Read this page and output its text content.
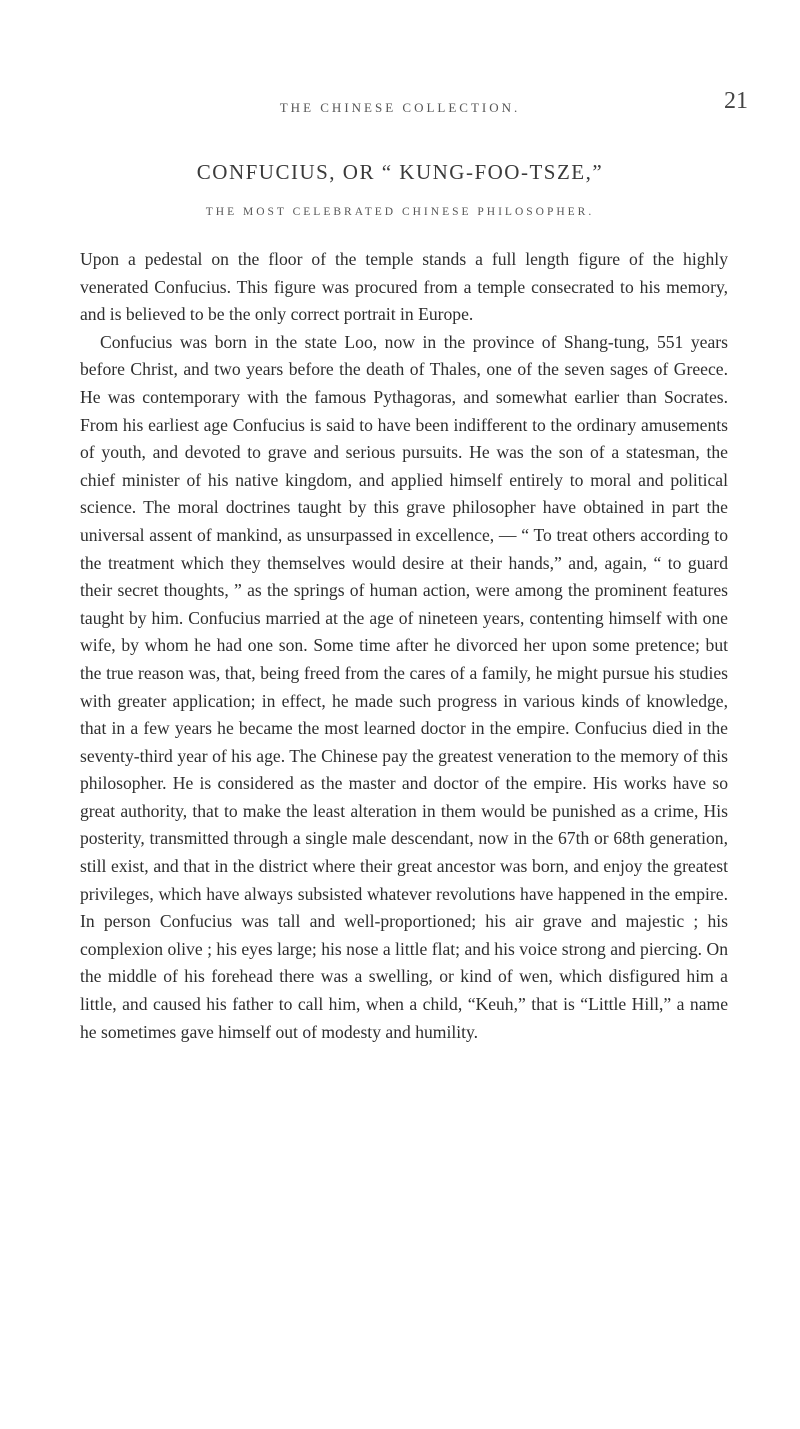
THE CHINESE COLLECTION.	21
CONFUCIUS, OR “ KUNG-FOO-TSZE,”
THE MOST CELEBRATED CHINESE PHILOSOPHER.

Upon a pedestal on the floor of the temple stands a full length figure of the highly venerated Confucius. This figure was procured from a temple consecrated to his memory, and is believed to be the only correct portrait in Europe.

Confucius was born in the state Loo, now in the province of Shang-tung, 551 years before Christ, and two years before the death of Thales, one of the seven sages of Greece. He was contemporary with the famous Pythagoras, and somewhat earlier than Socrates. From his earliest age Confucius is said to have been indifferent to the ordinary amusements of youth, and devoted to grave and serious pursuits. He was the son of a statesman, the chief minister of his native kingdom, and applied himself entirely to moral and political science. The moral doctrines taught by this grave philosopher have obtained in part the universal assent of mankind, as unsurpassed in excellence, — “ To treat others according to the treatment which they themselves would desire at their hands,” and, again, “ to guard their secret thoughts, ” as the springs of human action, were among the prominent features taught by him. Confucius married at the age of nineteen years, contenting himself with one wife, by whom he had one son. Some time after he divorced her upon some pretence; but the true reason was, that, being freed from the cares of a family, he might pursue his studies with greater application; in effect, he made such progress in various kinds of knowledge, that in a few years he became the most learned doctor in the empire. Confucius died in the seventy-third year of his age. The Chinese pay the greatest veneration to the memory of this philosopher. He is considered as the master and doctor of the empire. His works have so great authority, that to make the least alteration in them would be punished as a crime, His posterity, transmitted through a single male descendant, now in the 67th or 68th generation, still exist, and that in the district where their great ancestor was born, and enjoy the greatest privileges, which have always subsisted whatever revolutions have happened in the empire. In person Confucius was tall and well-proportioned; his air grave and majestic ; his complexion olive ; his eyes large; his nose a little flat; and his voice strong and piercing. On the middle of his forehead there was a swelling, or kind of wen, which disfigured him a little, and caused his father to call him, when a child, “Keuh,” that is “Little Hill,” a name he sometimes gave himself out of modesty and humility.
